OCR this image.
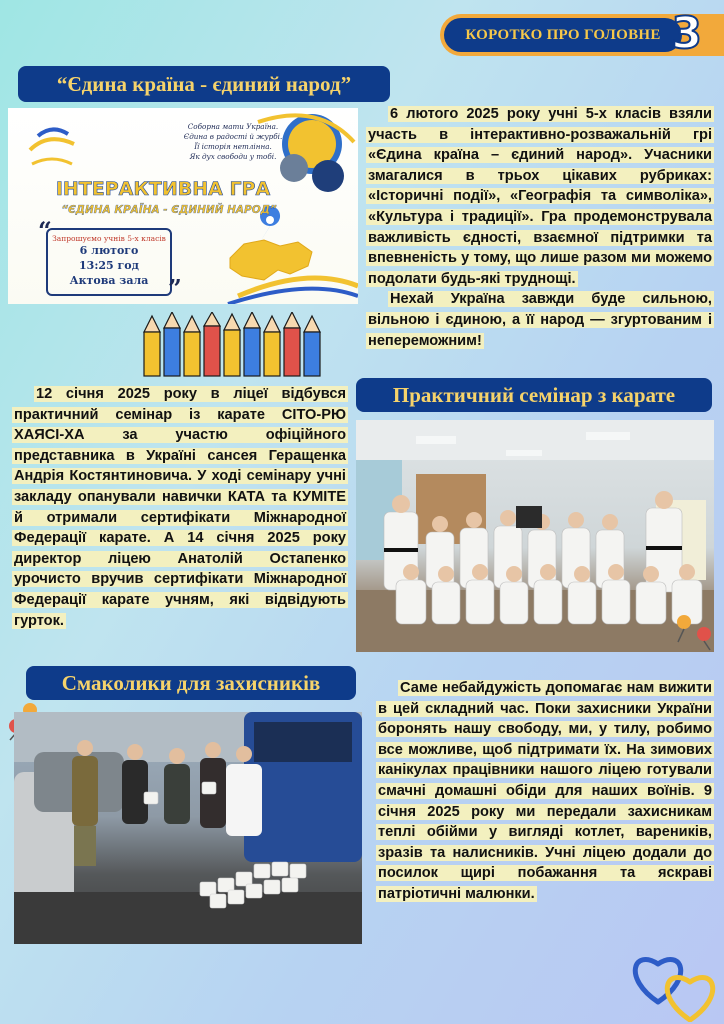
КОРОТКО ПРО ГОЛОВНЕ 3
“Єдина країна - єдиний народ”
Соборна мати Україна.
Єдина в радості й журбі.
Її історія нетлінна.
Як дух свободи у тобі.
ІНТЕРАКТИВНА ГРА
“ЄДИНА КРАЇНА - ЄДИНИЙ НАРОД”
Запрошуємо учнів 5-х класів
6 лютого
13:25 год
Актова зала
“
”

6 лютого 2025 року учні 5-х класів взяли участь в інтерактивно-розважальній грі «Єдина країна – єдиний народ». Учасники змагалися в трьох цікавих рубриках: «Історичні події», «Географія та символіка», «Культура і традиції». Гра продемонструвала важливість єдності, взаємної підтримки та впевненість у тому, що лише разом ми можемо подолати будь-які труднощі.

Нехай Україна завжди буде сильною, вільною і єдиною, а її народ — згуртованим і непереможним!

Практичний семінар з карате

12 січня 2025 року в ліцеї відбувся практичний семінар із карате СІТО-РЮ ХАЯСІ-ХА за участю офіційного представника в Україні сансея Геращенка Андрія Костянтиновича. У ході семінару учні закладу опанували навички КАТА та КУМІТЕ й отримали сертифікати Міжнародної Федерації карате. А 14 січня 2025 року директор ліцею Анатолій Остапенко урочисто вручив сертифікати Міжнародної Федерації карате учням, які відвідують гурток.

Смаколики для захисників	Саме небайдужість допомагає нам вижити в цей складний час. Поки захисники України боронять нашу свободу, ми, у тилу, робимо все можливе, щоб підтримати їх. На зимових канікулах працівники нашого ліцею готували смачні домашні обіди для наших воїнів. 9 січня 2025 року ми передали захисникам теплі обійми у вигляді котлет, вареників, зразів та налисників. Учні ліцею додали до посилок щирі побажання та яскраві патріотичні малюнки.
